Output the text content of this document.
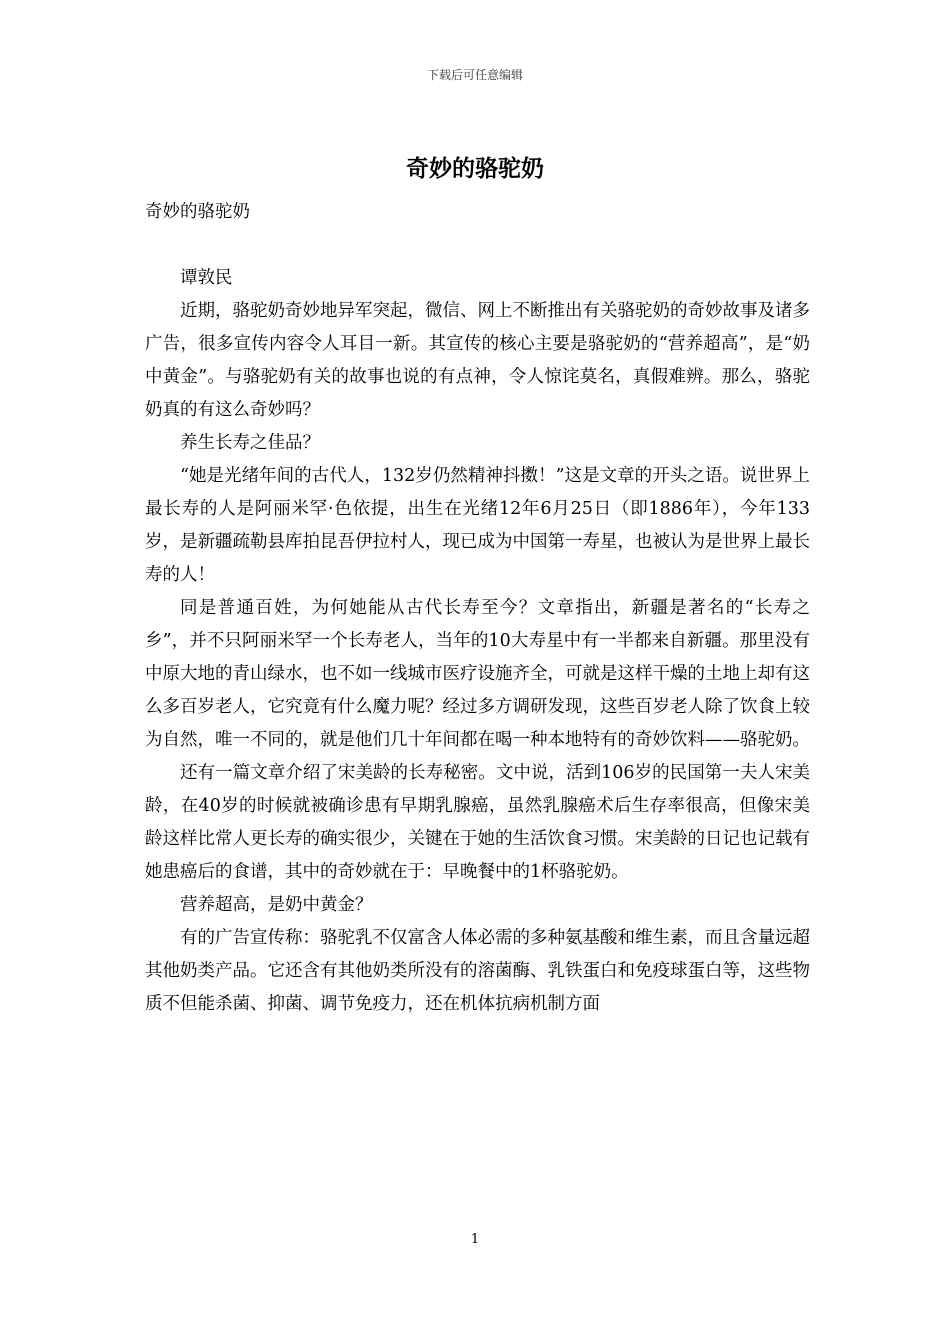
下载后可任意编辑
奇妙的骆驼奶

奇妙的骆驼奶

谭敦民

近期，骆驼奶奇妙地异军突起，微信、网上不断推出有关骆驼奶的奇妙故事及诸多广告，很多宣传内容令人耳目一新。其宣传的核心主要是骆驼奶的“营养超高”，是“奶中黄金”。与骆驼奶有关的故事也说的有点神，令人惊诧莫名，真假难辨。那么，骆驼奶真的有这么奇妙吗？

养生长寿之佳品？

“她是光绪年间的古代人，132岁仍然精神抖擞！”这是文章的开头之语。说世界上最长寿的人是阿丽米罕·色依提，出生在光绪12年6月25日（即1886年），今年133岁，是新疆疏勒县库拍昆吾伊拉村人，现已成为中国第一寿星，也被认为是世界上最长寿的人！

同是普通百姓，为何她能从古代长寿至今？文章指出，新疆是著名的“长寿之乡”，并不只阿丽米罕一个长寿老人，当年的10大寿星中有一半都来自新疆。那里没有中原大地的青山绿水，也不如一线城市医疗设施齐全，可就是这样干燥的土地上却有这么多百岁老人，它究竟有什么魔力呢？经过多方调研发现，这些百岁老人除了饮食上较为自然，唯一不同的，就是他们几十年间都在喝一种本地特有的奇妙饮料——骆驼奶。

还有一篇文章介绍了宋美龄的长寿秘密。文中说，活到106岁的民国第一夫人宋美龄，在40岁的时候就被确诊患有早期乳腺癌，虽然乳腺癌术后生存率很高，但像宋美龄这样比常人更长寿的确实很少，关键在于她的生活饮食习惯。宋美龄的日记也记载有她患癌后的食谱，其中的奇妙就在于：早晚餐中的1杯骆驼奶。

营养超高，是奶中黄金？

有的广告宣传称：骆驼乳不仅富含人体必需的多种氨基酸和维生素，而且含量远超其他奶类产品。它还含有其他奶类所没有的溶菌酶、乳铁蛋白和免疫球蛋白等，这些物质不但能杀菌、抑菌、调节免疫力，还在机体抗病机制方面

1
